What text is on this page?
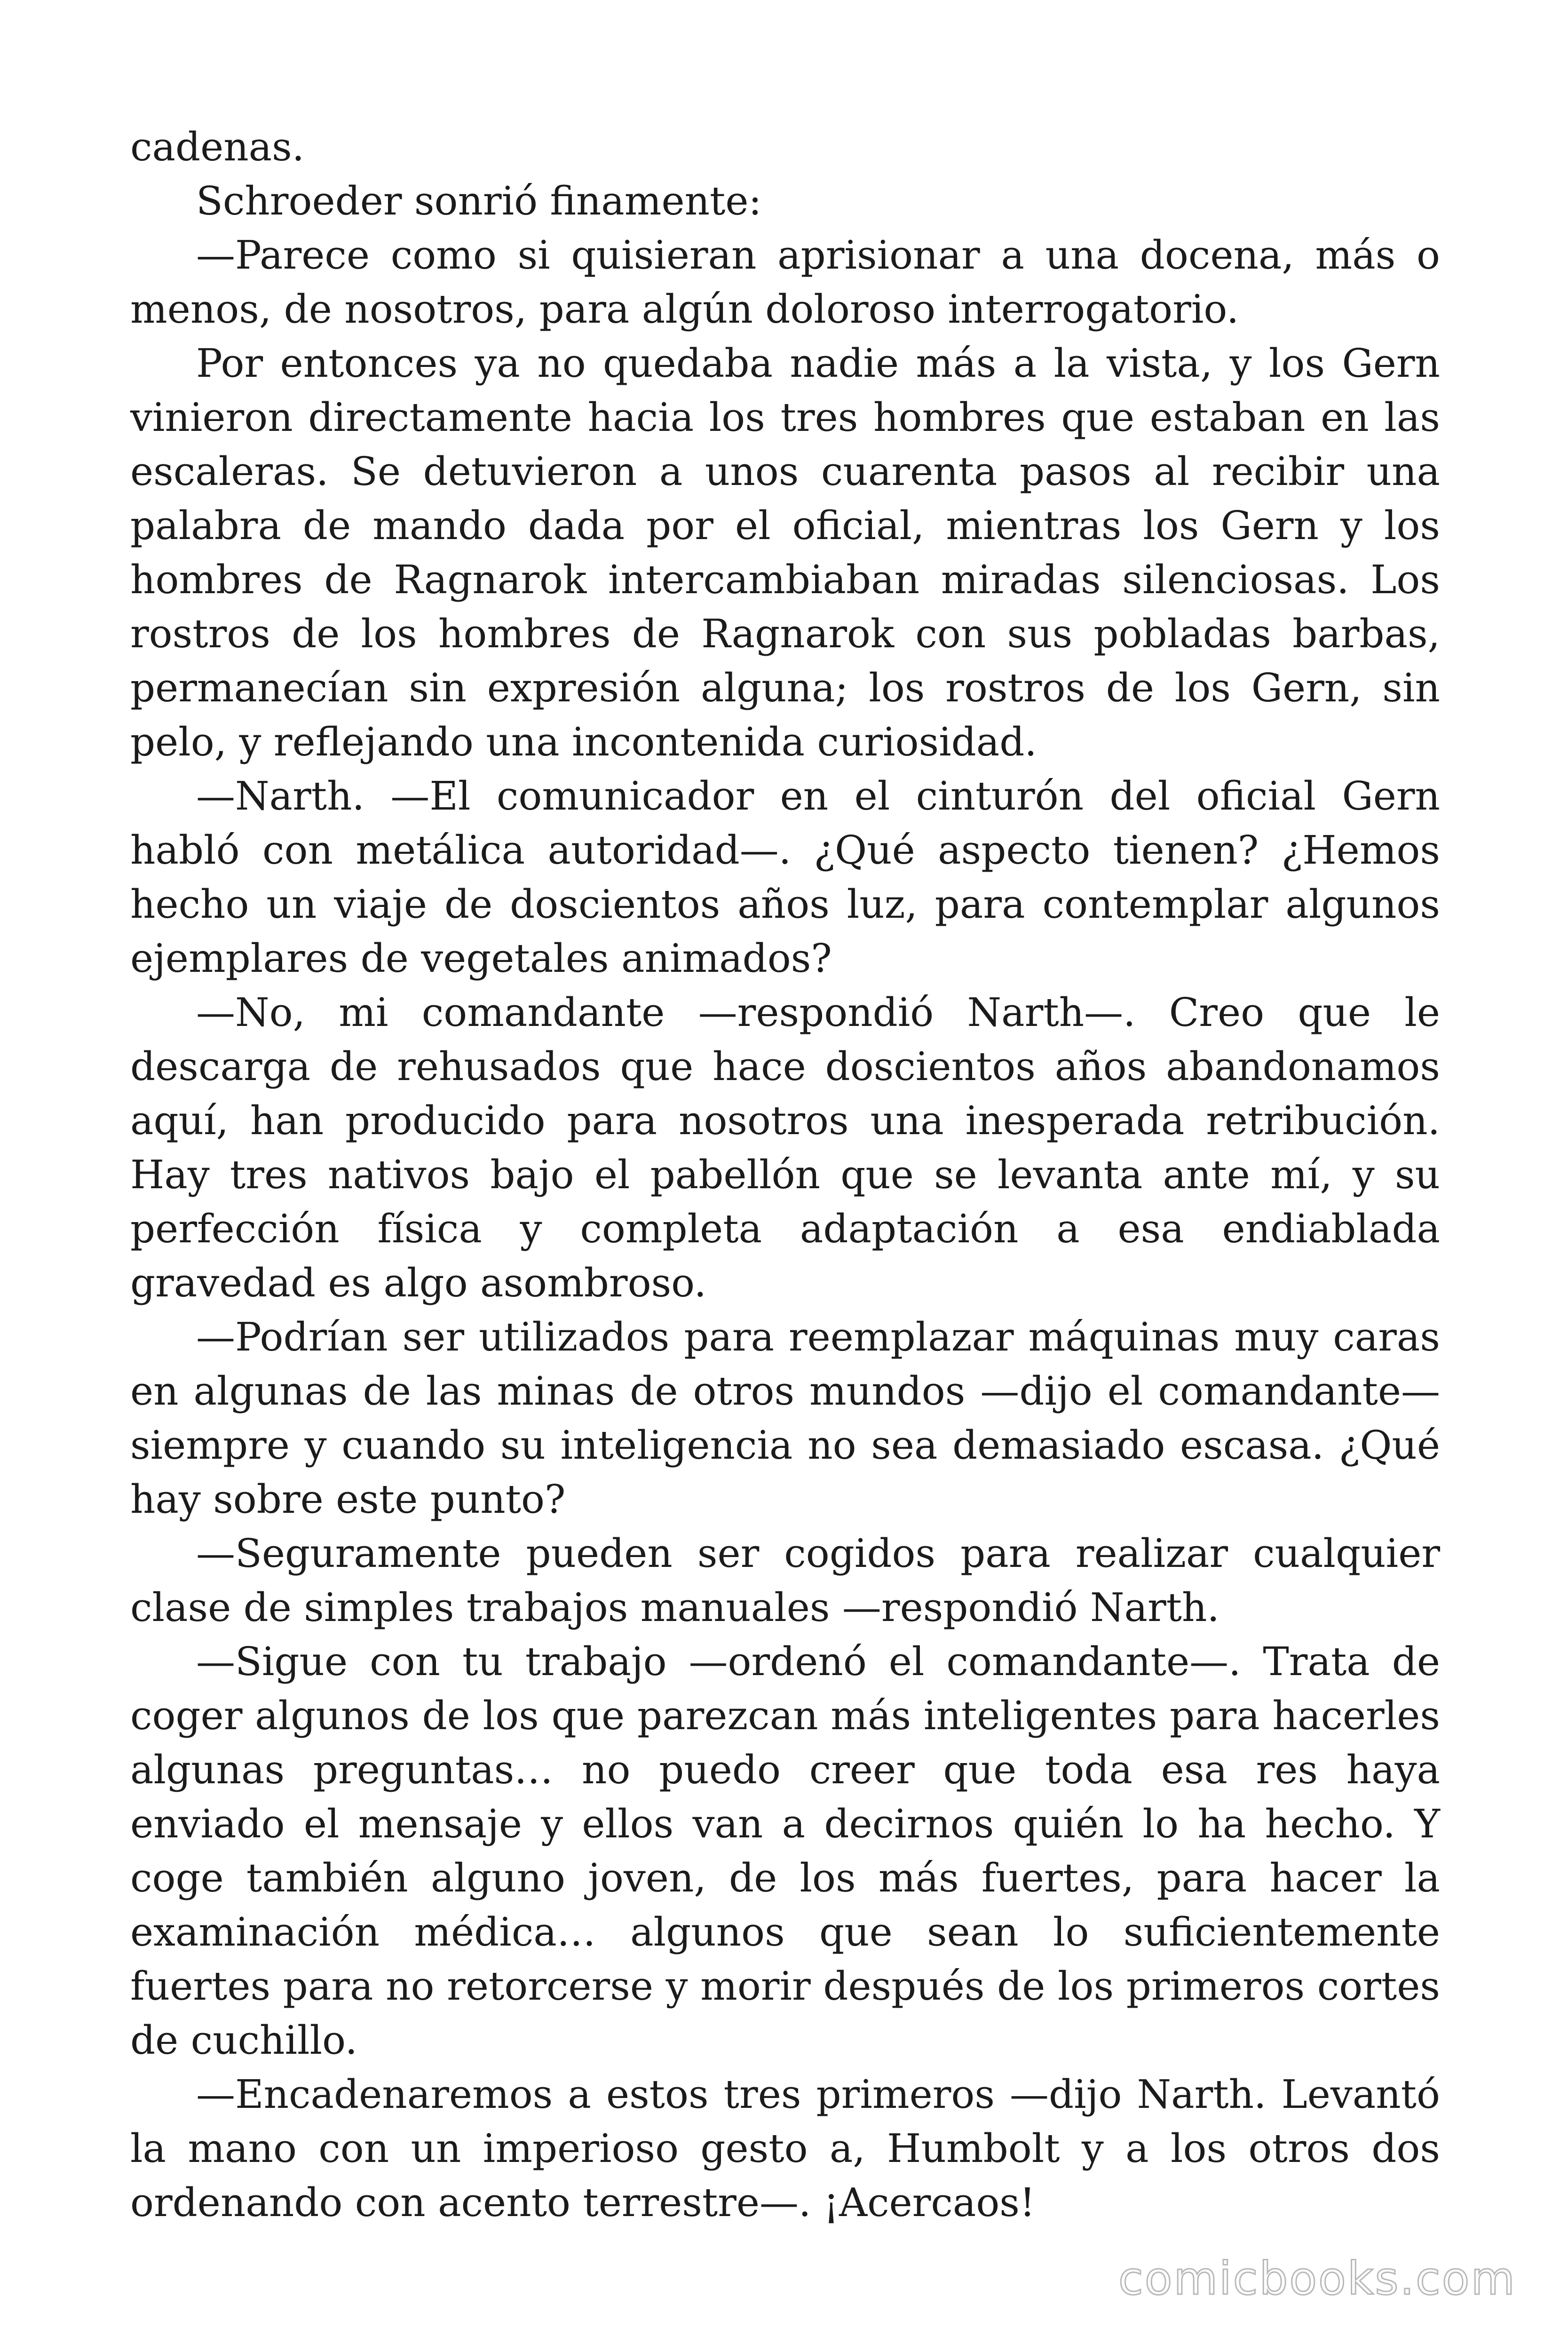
cadenas.

Schroeder sonrió finamente:

—Parece como si quisieran aprisionar a una docena, más o menos, de nosotros, para algún doloroso interrogatorio.

Por entonces ya no quedaba nadie más a la vista, y los Gern vinieron directamente hacia los tres hombres que estaban en las escaleras. Se detuvieron a unos cuarenta pasos al recibir una palabra de mando dada por el oficial, mientras los Gern y los hombres de Ragnarok intercambiaban miradas silenciosas. Los rostros de los hombres de Ragnarok con sus pobladas barbas, permanecían sin expresión alguna; los rostros de los Gern, sin pelo, y reflejando una incontenida curiosidad.

—Narth. —El comunicador en el cinturón del oficial Gern habló con metálica autoridad—. ¿Qué aspecto tienen? ¿Hemos hecho un viaje de doscientos años luz, para contemplar algunos ejemplares de vegetales animados?

—No, mi comandante —respondió Narth—. Creo que le descarga de rehusados que hace doscientos años abandonamos aquí, han producido para nosotros una inesperada retribución. Hay tres nativos bajo el pabellón que se levanta ante mí, y su perfección física y completa adaptación a esa endiablada gravedad es algo asombroso.

—Podrían ser utilizados para reemplazar máquinas muy caras en algunas de las minas de otros mundos —dijo el comandante— siempre y cuando su inteligencia no sea demasiado escasa. ¿Qué hay sobre este punto?

—Seguramente pueden ser cogidos para realizar cualquier clase de simples trabajos manuales —respondió Narth.

—Sigue con tu trabajo —ordenó el comandante—. Trata de coger algunos de los que parezcan más inteligentes para hacerles algunas preguntas… no puedo creer que toda esa res haya enviado el mensaje y ellos van a decirnos quién lo ha hecho. Y coge también alguno joven, de los más fuertes, para hacer la examinación médica… algunos que sean lo suficientemente fuertes para no retorcerse y morir después de los primeros cortes de cuchillo.

—Encadenaremos a estos tres primeros —dijo Narth. Levantó la mano con un imperioso gesto a, Humbolt y a los otros dos ordenando con acento terrestre—. ¡Acercaos!

comicbooks.com
